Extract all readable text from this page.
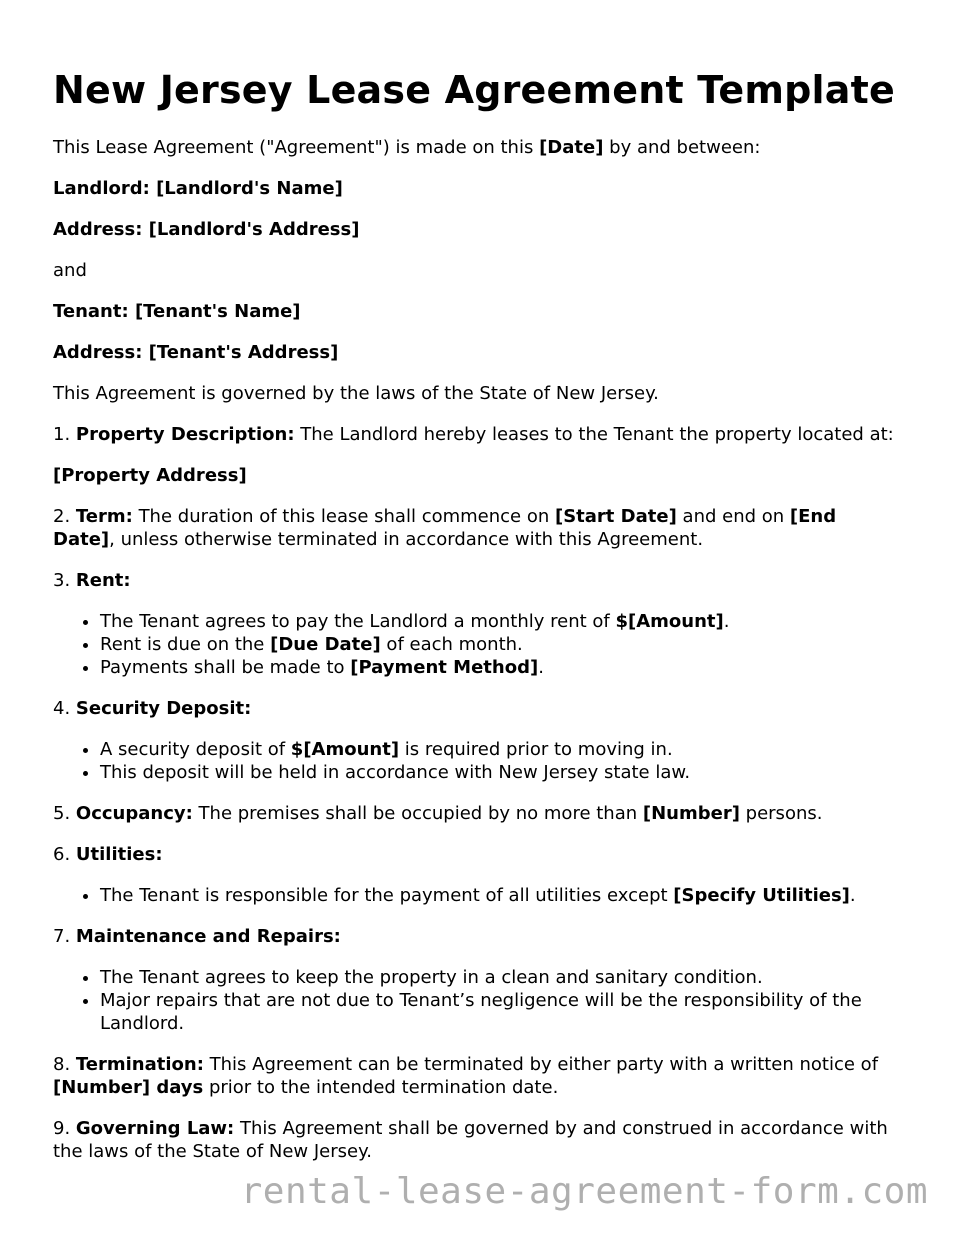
New Jersey Lease Agreement Template

This Lease Agreement ("Agreement") is made on this [Date] by and between:

Landlord: [Landlord's Name]

Address: [Landlord's Address]

and

Tenant: [Tenant's Name]

Address: [Tenant's Address]

This Agreement is governed by the laws of the State of New Jersey.

1. Property Description: The Landlord hereby leases to the Tenant the property located at:

[Property Address]

2. Term: The duration of this lease shall commence on [Start Date] and end on [End Date], unless otherwise terminated in accordance with this Agreement.

3. Rent:

• The Tenant agrees to pay the Landlord a monthly rent of $[Amount].
• Rent is due on the [Due Date] of each month.
• Payments shall be made to [Payment Method].

4. Security Deposit:

• A security deposit of $[Amount] is required prior to moving in.
• This deposit will be held in accordance with New Jersey state law.

5. Occupancy: The premises shall be occupied by no more than [Number] persons.

6. Utilities:

• The Tenant is responsible for the payment of all utilities except [Specify Utilities].

7. Maintenance and Repairs:

• The Tenant agrees to keep the property in a clean and sanitary condition.
• Major repairs that are not due to Tenant’s negligence will be the responsibility of the Landlord.

8. Termination: This Agreement can be terminated by either party with a written notice of [Number] days prior to the intended termination date.

9. Governing Law: This Agreement shall be governed by and construed in accordance with the laws of the State of New Jersey.

rental-lease-agreement-form.com
